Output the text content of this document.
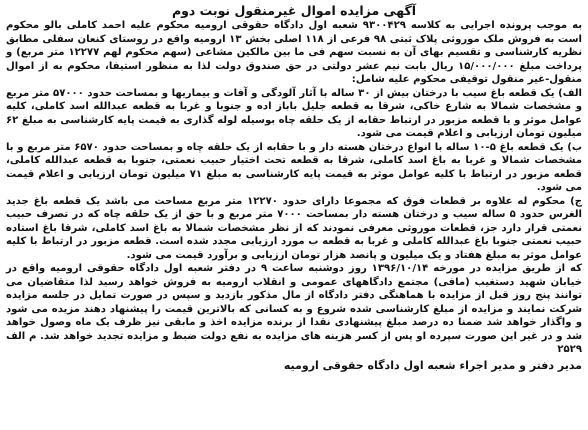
آگهی مزایده اموال غیرمنقول نوبت دوم

به موجب پرونده اجرایی به کلاسه ۹۳۰۰۴۲۹ شعبه اول دادگاه حقوقی ارومیه محکوم علیه احمد کاملی بالو محکوم است به فروش ملک موروثی پلاک ثبتی ۹۸ فرعی از ۱۱۸ اصلی بخش ۱۳ ارومیه واقع در روستای کنعان سفلی مطابق نظریه کارشناسی و تقسیم بهای آن به نسبت سهم فی ما بین مالکین مشاعی (سهم محکوم لهم ۱۲۲۷۷ متر مربع) و پرداخت مبلغ ۱۵/۰۰۰/۰۰۰ ریال بابت نیم عشر دولتی در حق صندوق دولت لذا به منظور استیفا، محکوم به از اموال منقول-غیر منقول توقیفی محکوم علیه شامل:

الف) یک قطعه باغ سیب با درختان بیش از ۳۰ ساله با آثار آلودگی و آفات و بیماریها و بمساحت حدود ۵۷۰۰۰ متر مربع و مشخصات شمالا به شارع خاکی، شرقا به قطعه جلیل باباز اده و جنوبا و غربا به قطعه عبدالله اسد کاملی، کلیه عوامل موثر و با قطعه مزبور در ارتباط حقابه از یک حلقه چاه بوسیله لوله گذاری به قیمت پایه کارشناسی به مبلغ ۶۲ میلیون تومان ارزیابی و اعلام قیمت می شود.

ب) یک قطعه باغ ۵-۱۰ ساله با انواع درختان هسته دار و با حقابه از یک حلقه چاه و بمساحت حدود ۶۵۷۰ متر مربع و با مشخصات شمالا و غربا به باغ اسد کاملی، شرقا به قطعه تحت اختیار حبیب نعمتی، جنوبا به قطعه عبدالله کاملی، قطعه مزبور در ارتباط با کلیه عوامل موثر به قیمت پایه کارشناسی به مبلغ ۷۱ میلیون تومان ارزیابی و اعلام قیمت می شود.

ج) محکوم له علاوه بر قطعات فوق که مجموعا دارای حدود ۱۲۲۷۰ متر مربع مساحت می باشد یک قطعه باغ جدید الغرس حدود ۵ ساله سیب و درختان هسته دار بمساحت ۷۰۰۰ متر مربع و با حق از یک حلقه چاه که در تصرف حبیب نعمتی قرار دارد جز، قطعات موروثی معرفی نمودند که از نظر مشخصات شمالا به باغ اسد کاملی، شرقا باغ استاده حبیب نعمتی جنوبا باغ عبدالله کاملی و غربا به قطعه ب مورد ارزیابی مجدد شده است. قطعه مزبور در ارتباط با کلیه عوامل موثر به مبلغ هفتاد و یک میلیون و پانصد هزار تومان ارزیابی و برآورد قیمت می شود.

که از طریق مزایده در مورخه ۱۳۹۶/۱۰/۱۴ روز دوشنبه ساعت ۹ در دفتر شعبه اول دادگاه حقوقی ارومیه واقع در خیابان شهید دستغیب (مافی) مجتمع دادگاههای عمومی و انقلاب ارومیه به فروش خواهد رسید لذا متقاضیان می توانند پنج روز قبل از مزایده با هماهنگی دفتر دادگاه از مال مذکور بازدید و سپس در صورت تمایل در جلسه مزایده شرکت نمایند و مزایده از مبلغ کارشناسی شده شروع و به کسانی که بالاترین قیمت را پیشنهاد دهند مزیده می شود و واگذار خواهد شد ضمنا ده درصد مبلغ پیشنهادی نقدا از برنده مزایده اخذ و مابقی نیز ظرف یک ماه وصول خواهد شد و در غیر این صورت سپرده او پس از کسر هزینه های مزایده به نفع دولت ضبط و مزایده تجدید خواهد شد. م الف ۲۵۲۹

مدیر دفتر و مدیر اجراء شعبه اول دادگاه حقوقی ارومیه
